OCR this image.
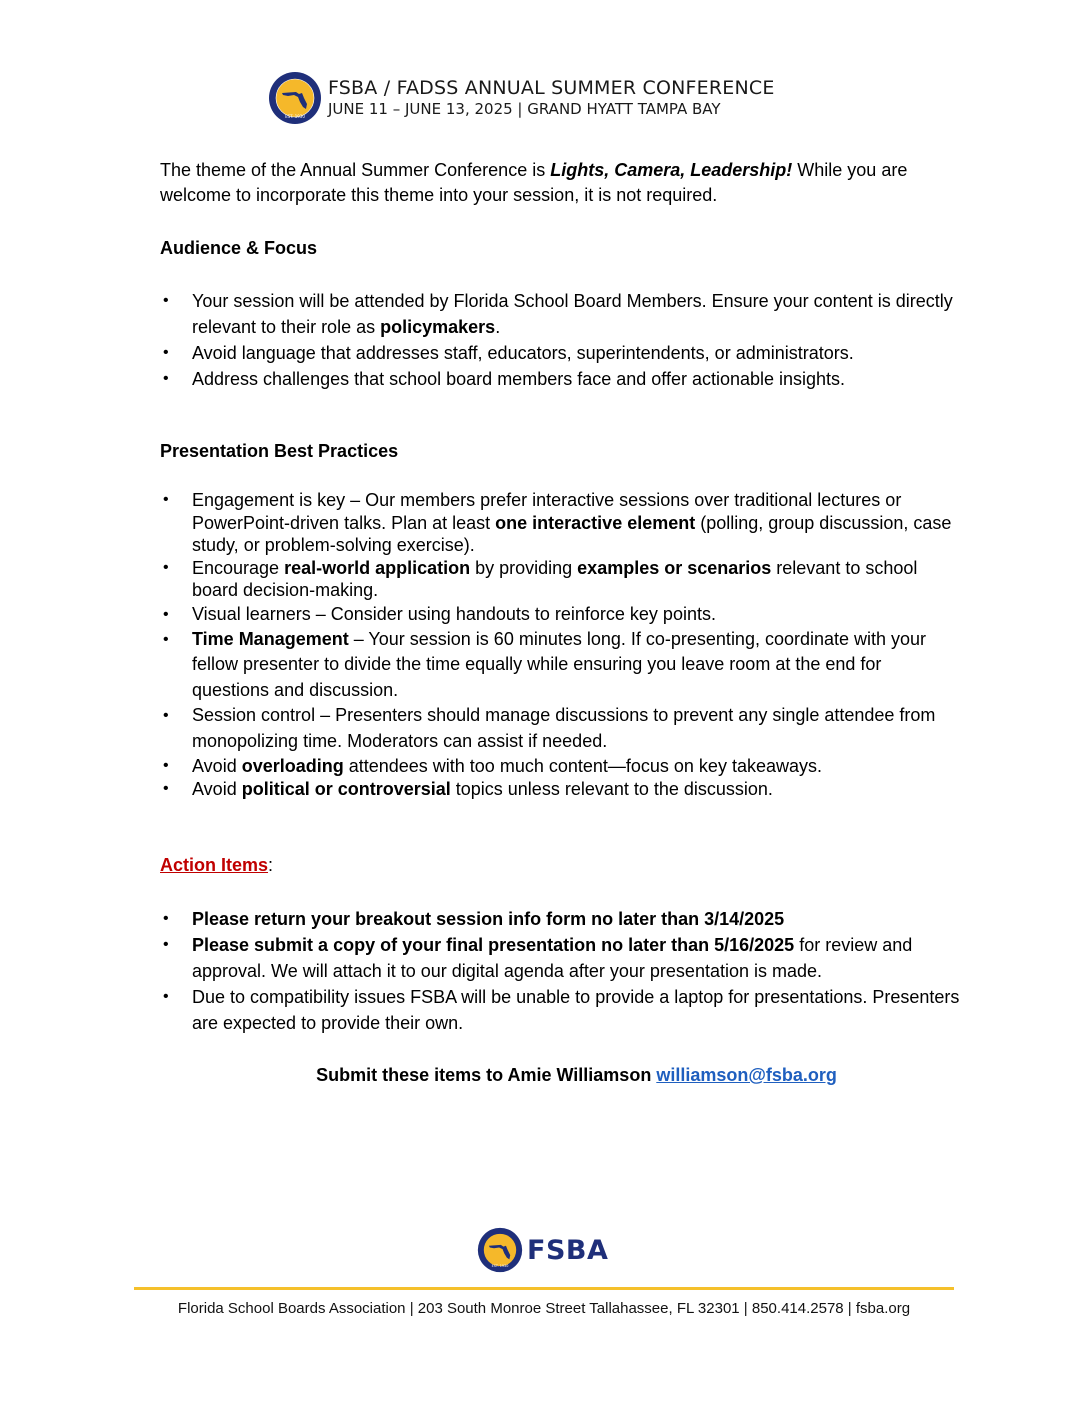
EST. 1930
FSBA / FADSS ANNUAL SUMMER CONFERENCE
JUNE 11 – JUNE 13, 2025 | GRAND HYATT TAMPA BAY

The theme of the Annual Summer Conference is Lights, Camera, Leadership! While you are welcome to incorporate this theme into your session, it is not required.

Audience & Focus

• Your session will be attended by Florida School Board Members. Ensure your content is directly relevant to their role as policymakers.
• Avoid language that addresses staff, educators, superintendents, or administrators.
• Address challenges that school board members face and offer actionable insights.

Presentation Best Practices

• Engagement is key – Our members prefer interactive sessions over traditional lectures or PowerPoint-driven talks. Plan at least one interactive element (polling, group discussion, case study, or problem-solving exercise).
• Encourage real-world application by providing examples or scenarios relevant to school board decision-making.
• Visual learners – Consider using handouts to reinforce key points.
• Time Management – Your session is 60 minutes long. If co-presenting, coordinate with your fellow presenter to divide the time equally while ensuring you leave room at the end for questions and discussion.
• Session control – Presenters should manage discussions to prevent any single attendee from monopolizing time. Moderators can assist if needed.
• Avoid overloading attendees with too much content—focus on key takeaways.
• Avoid political or controversial topics unless relevant to the discussion.

Action Items:

• Please return your breakout session info form no later than 3/14/2025
• Please submit a copy of your final presentation no later than 5/16/2025 for review and approval. We will attach it to our digital agenda after your presentation is made.
• Due to compatibility issues FSBA will be unable to provide a laptop for presentations. Presenters are expected to provide their own.
Submit these items to Amie Williamson williamson@fsba.org
EST. 1930
FSBA
Florida School Boards Association | 203 South Monroe Street Tallahassee, FL 32301 | 850.414.2578 | fsba.org
